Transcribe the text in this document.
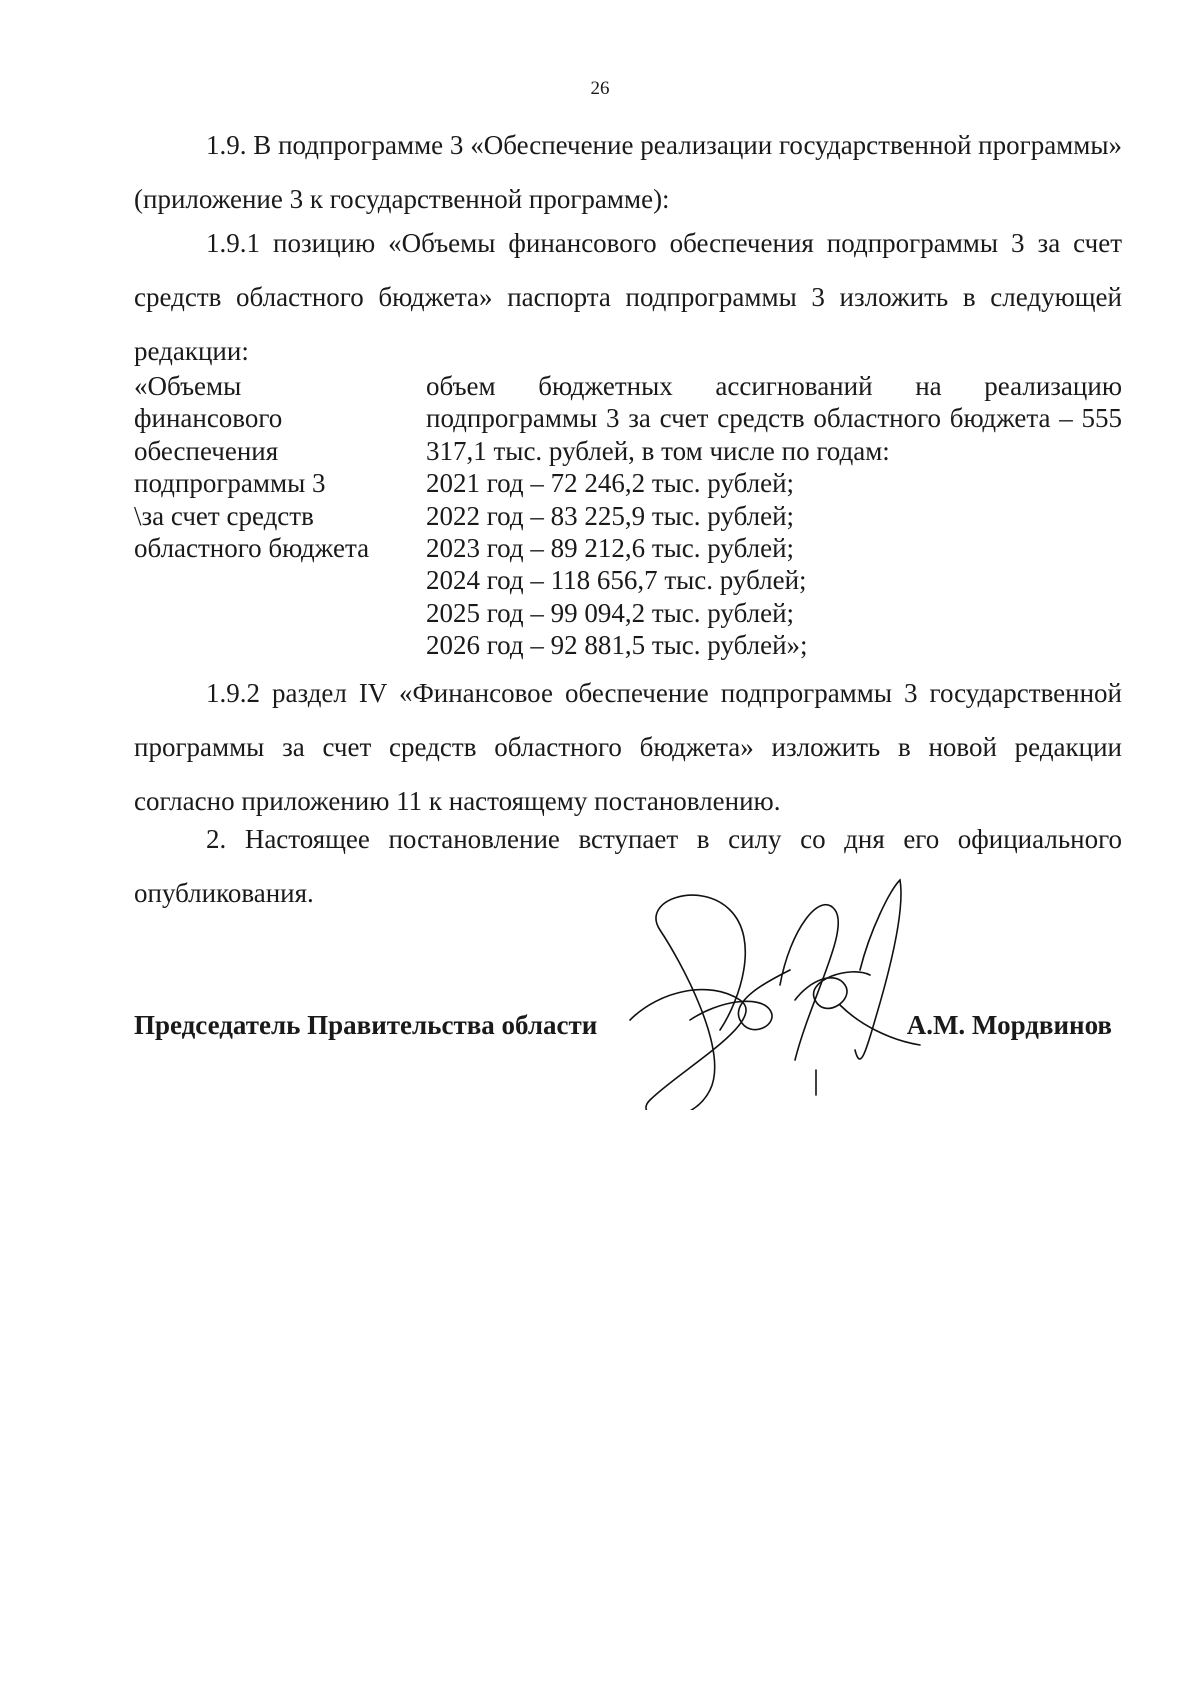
26

1.9. В подпрограмме 3 «Обеспечение реализации государственной программы» (приложение 3 к государственной программе):

1.9.1 позицию «Объемы финансового обеспечения подпрограммы 3 за счет средств областного бюджета» паспорта подпрограммы 3 изложить в следующей редакции:

«Объемы
финансового
обеспечения
подпрограммы 3
\за счет средств
областного бюджета

объем бюджетных ассигнований на реализацию подпрограммы 3 за счет средств областного бюджета – 555 317,1 тыс. рублей, в том числе по годам:

2021 год – 72 246,2 тыс. рублей;
2022 год – 83 225,9 тыс. рублей;
2023 год – 89 212,6 тыс. рублей;
2024 год – 118 656,7 тыс. рублей;
2025 год – 99 094,2 тыс. рублей;
2026 год – 92 881,5 тыс. рублей»;

1.9.2 раздел IV «Финансовое обеспечение подпрограммы 3 государственной программы за счет средств областного бюджета» изложить в новой редакции согласно приложению 11 к настоящему постановлению.

2. Настоящее постановление вступает в силу со дня его официального опубликования.

Председатель Правительства области	А.М. Мордвинов
